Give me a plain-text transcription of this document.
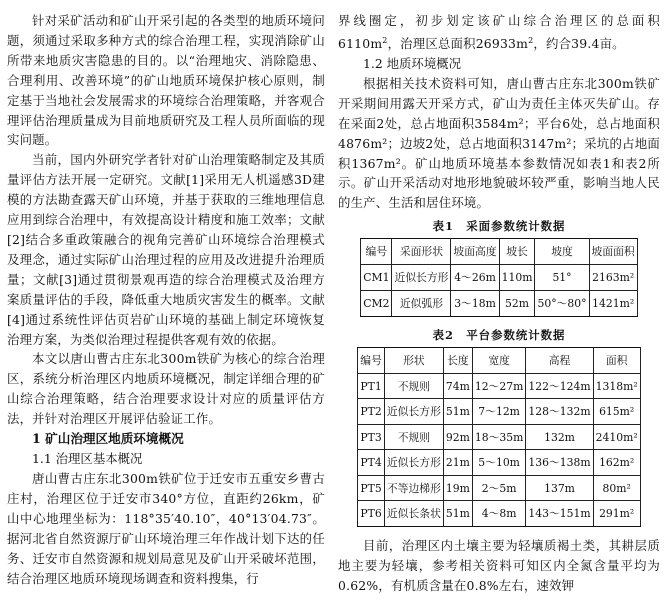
针对采矿活动和矿山开采引起的各类型的地质环境问题，须通过采取多种方式的综合治理工程，实现消除矿山所带来地质灾害隐患的目的。以“治理地灾、消除隐患、合理利用、改善环境”的矿山地质环境保护核心原则，制定基于当地社会发展需求的环境综合治理策略，并客观合理评估治理质量成为目前地质研究及工程人员所面临的现实问题。

当前，国内外研究学者针对矿山治理策略制定及其质量评估方法开展一定研究。文献[1]采用无人机遥感3D建模的方法勘查露天矿山环境，并基于获取的三维地理信息应用到综合治理中，有效提高设计精度和施工效率；文献[2]结合多重政策融合的视角完善矿山环境综合治理模式及理念，通过实际矿山治理过程的应用及改进提升治理质量；文献[3]通过贯彻景观再造的综合治理模式及治理方案质量评估的手段，降低重大地质灾害发生的概率。文献[4]通过系统性评估页岩矿山环境的基础上制定环境恢复治理方案，为类似治理过程提供客观有效的依据。

本文以唐山曹古庄东北300m铁矿为核心的综合治理区，系统分析治理区内地质环境概况，制定详细合理的矿山综合治理策略，结合治理要求设计对应的质量评估方法，并针对治理区开展评估验证工作。

1 矿山治理区地质环境概况
1.1 治理区基本概况

唐山曹古庄东北300m铁矿位于迁安市五重安乡曹古庄村，治理区位于迁安市340°方位，直距约26km，矿山中心地理坐标为：118°35′40.10″，40°13′04.73″。据河北省自然资源厅矿山环境治理三年作战计划下达的任务、迁安市自然资源和规划局意见及矿山开采破坏范围，结合治理区地质环境现场调查和资料搜集，行

界线圈定，初步划定该矿山综合治理区的总面积$6110m^2$，治理区总面积$26933m^2$，约合39.4亩。

1.2 地质环境概况

根据相关技术资料可知，唐山曹古庄东北300m铁矿开采期间用露天开采方式，矿山为责任主体灭失矿山。存在采面2处，总占地面积3584m²；平台6处，总占地面积4876m²；边坡2处，总占地面积3147m²；采坑的占地面积1367m²。矿山地质环境基本参数情况如表1和表2所示。矿山开采活动对地形地貌破坏较严重，影响当地人民的生产、生活和居住环境。

表1　采面参数统计数据
编号	采面形状	坡面高度	坡长	坡度	坡面面积
CM1	近似长方形	4～26m	110m	51°	2163m²
CM2	近似弧形	3～18m	52m	50°～80°	1421m²
表2　平台参数统计数据
编号	形状	长度	宽度	高程	面积
PT1	不规则	74m	12～27m	122～124m	1318m²
PT2	近似长方形	51m	7～12m	128～132m	615m²
PT3	不规则	92m	18～35m	132m	2410m²
PT4	近似长方形	21m	5～10m	136～138m	162m²
PT5	不等边梯形	19m	2～5m	137m	80m²
PT6	近似长条状	51m	4～8m	143～151m	291m²

目前，治理区内土壤主要为轻壤质褐土类，其耕层质地主要为轻壤，参考相关资料可知区内全氮含量平均为0.62%，有机质含量在0.8%左右，速效钾
